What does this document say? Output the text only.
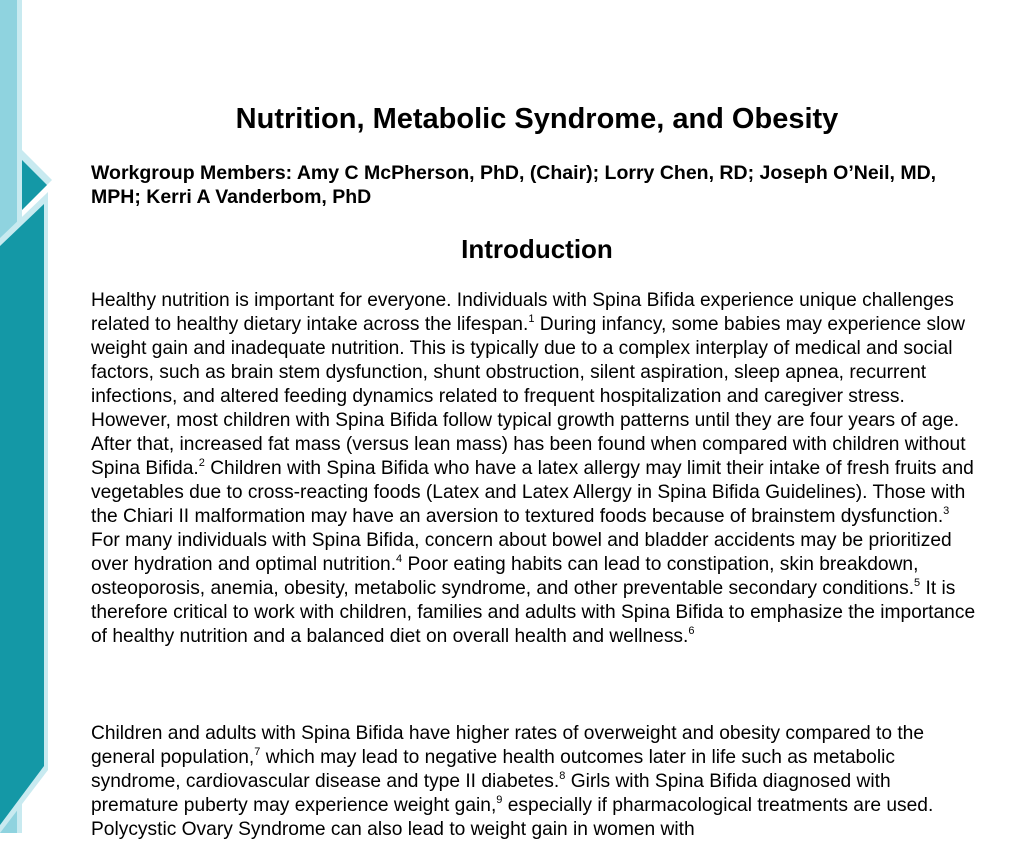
Nutrition, Metabolic Syndrome, and Obesity

Workgroup Members: Amy C McPherson, PhD, (Chair); Lorry Chen, RD; Joseph O’Neil, MD, MPH; Kerri A Vanderbom, PhD

Introduction

Healthy nutrition is important for everyone. Individuals with Spina Bifida experience unique challenges related to healthy dietary intake across the lifespan.$^1$ During infancy, some babies may experience slow weight gain and inadequate nutrition. This is typically due to a complex interplay of medical and social factors, such as brain stem dysfunction, shunt obstruction, silent aspiration, sleep apnea, recurrent infections, and altered feeding dynamics related to frequent hospitalization and caregiver stress. However, most children with Spina Bifida follow typical growth patterns until they are four years of age. After that, increased fat mass (versus lean mass) has been found when compared with children without Spina Bifida.$^2$ Children with Spina Bifida who have a latex allergy may limit their intake of fresh fruits and vegetables due to cross-reacting foods (Latex and Latex Allergy in Spina Bifida Guidelines). Those with the Chiari II malformation may have an aversion to textured foods because of brainstem dysfunction.$^3$ For many individuals with Spina Bifida, concern about bowel and bladder accidents may be prioritized over hydration and optimal nutrition.$^4$ Poor eating habits can lead to constipation, skin breakdown, osteoporosis, anemia, obesity, metabolic syndrome, and other preventable secondary conditions.$^5$ It is therefore critical to work with children, families and adults with Spina Bifida to emphasize the importance of healthy nutrition and a balanced diet on overall health and wellness.$^6$

Children and adults with Spina Bifida have higher rates of overweight and obesity compared to the general population,$^7$ which may lead to negative health outcomes later in life such as metabolic syndrome, cardiovascular disease and type II diabetes.$^8$ Girls with Spina Bifida diagnosed with premature puberty may experience weight gain,$^9$ especially if pharmacological treatments are used. Polycystic Ovary Syndrome can also lead to weight gain in women with
